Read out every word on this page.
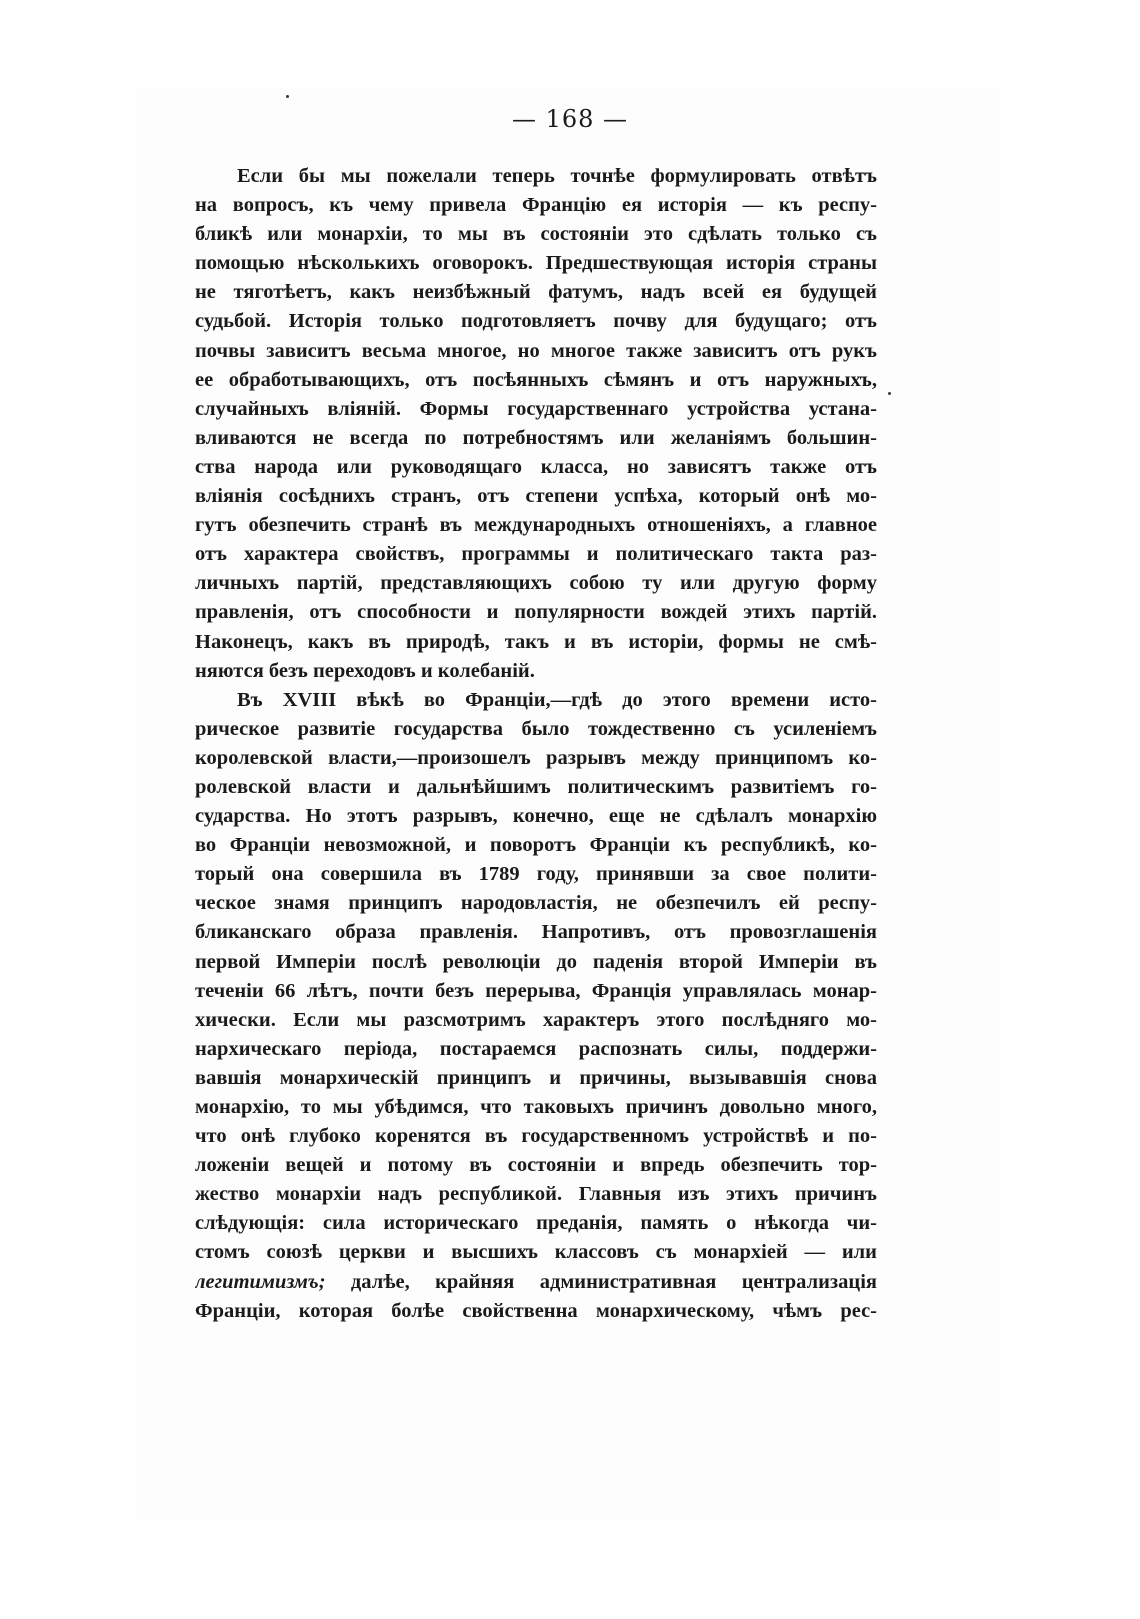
— 168 —
Если бы мы пожелали теперь точнѣе формулировать отвѣтъ
на вопросъ, къ чему привела Францію ея исторія — къ респу-
бликѣ или монархіи, то мы въ состояніи это сдѣлать только съ
помощью нѣсколькихъ оговорокъ. Предшествующая исторія страны
не тяготѣетъ, какъ неизбѣжный фатумъ, надъ всей ея будущей
судьбой. Исторія только подготовляетъ почву для будущаго; отъ
почвы зависитъ весьма многое, но многое также зависитъ отъ рукъ
ее обработывающихъ, отъ посѣянныхъ сѣмянъ и отъ наружныхъ,
случайныхъ вліяній. Формы государственнаго устройства устана-
вливаются не всегда по потребностямъ или желаніямъ большин-
ства народа или руководящаго класса, но зависятъ также отъ
вліянія сосѣднихъ странъ, отъ степени успѣха, который онѣ мо-
гутъ обезпечить странѣ въ международныхъ отношеніяхъ, а главное
отъ характера свойствъ, программы и политическаго такта раз-
личныхъ партій, представляющихъ собою ту или другую форму
правленія, отъ способности и популярности вождей этихъ партій.
Наконецъ, какъ въ природѣ, такъ и въ исторіи, формы не смѣ-
няются безъ переходовъ и колебаній.
Въ XVIII вѣкѣ во Франціи,—гдѣ до этого времени исто-
рическое развитіе государства было тождественно съ усиленіемъ
королевской власти,—произошелъ разрывъ между принципомъ ко-
ролевской власти и дальнѣйшимъ политическимъ развитіемъ го-
сударства. Но этотъ разрывъ, конечно, еще не сдѣлалъ монархію
во Франціи невозможной, и поворотъ Франціи къ республикѣ, ко-
торый она совершила въ 1789 году, принявши за свое полити-
ческое знамя принципъ народовластія, не обезпечилъ ей респу-
бликанскаго образа правленія. Напротивъ, отъ провозглашенія
первой Имперіи послѣ революціи до паденія второй Имперіи въ
теченіи 66 лѣтъ, почти безъ перерыва, Франція управлялась монар-
хически. Если мы разсмотримъ характеръ этого послѣдняго мо-
нархическаго періода, постараемся распознать силы, поддержи-
вавшія монархическій принципъ и причины, вызывавшія снова
монархію, то мы убѣдимся, что таковыхъ причинъ довольно много,
что онѣ глубоко коренятся въ государственномъ устройствѣ и по-
ложеніи вещей и потому въ состояніи и впредь обезпечить тор-
жество монархіи надъ республикой. Главныя изъ этихъ причинъ
слѣдующія: сила историческаго преданія, память о нѣкогда чи-
стомъ союзѣ церкви и высшихъ классовъ съ монархіей — или
легитимизмъ; далѣе, крайняя административная централизація
Франціи, которая болѣе свойственна монархическому, чѣмъ рес-
